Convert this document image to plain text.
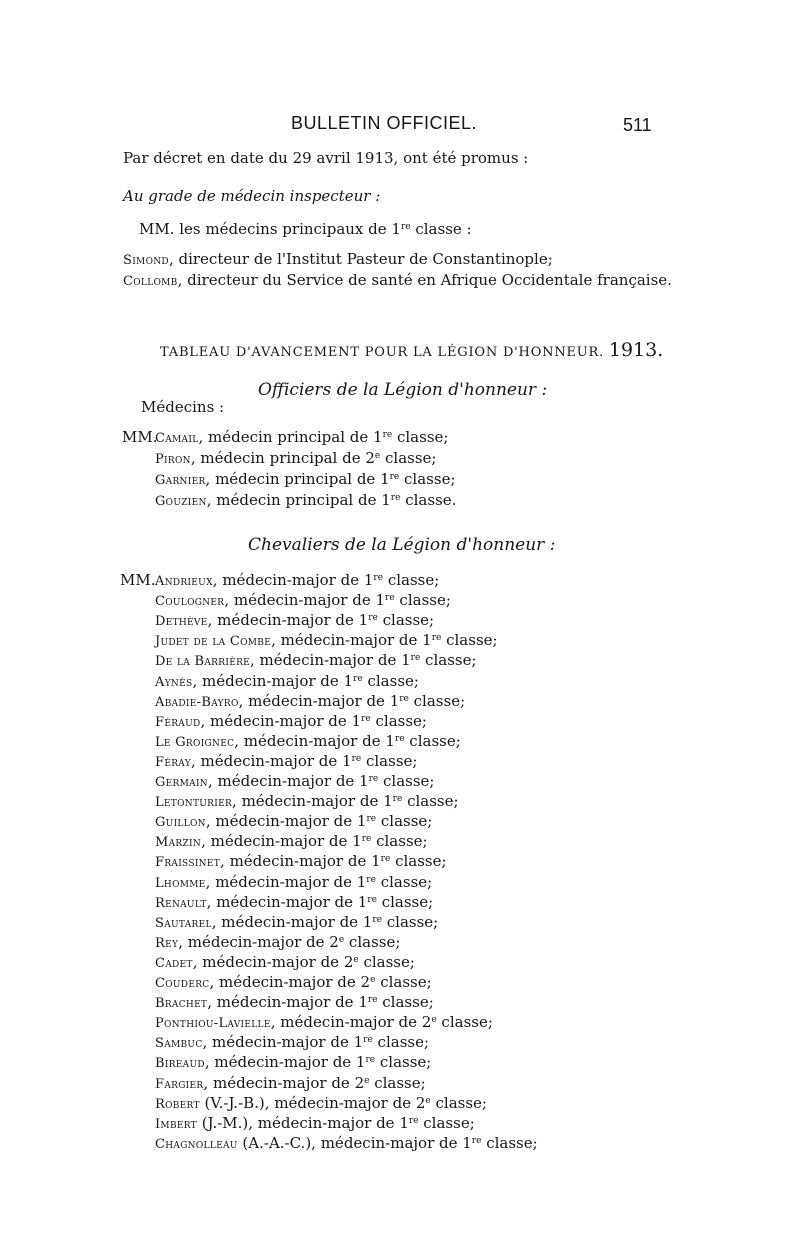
BULLETIN OFFICIEL.	511
Par décret en date du 29 avril 1913, ont été promus :
Au grade de médecin inspecteur :
MM. les médecins principaux de 1re classe :
Simond, directeur de l'Institut Pasteur de Constantinople;
Collomb, directeur du Service de santé en Afrique Occidentale française.
TABLEAU D'AVANCEMENT POUR LA LÉGION D'HONNEUR. 1913.
Officiers de la Légion d'honneur :
Médecins :
MM.
Camail, médecin principal de 1re classe;
Piron, médecin principal de 2e classe;
Garnier, médecin principal de 1re classe;
Gouzien, médecin principal de 1re classe.
Chevaliers de la Légion d'honneur :
MM. Andrieux, médecin-major de 1re classe;
Coulogner, médecin-major de 1re classe;
Dethève, médecin-major de 1re classe;
Judet de la Combe, médecin-major de 1re classe;
De la Barrière, médecin-major de 1re classe;
Aynès, médecin-major de 1re classe;
Abadie-Bayro, médecin-major de 1re classe;
Féraud, médecin-major de 1re classe;
Le Groignec, médecin-major de 1re classe;
Féray, médecin-major de 1re classe;
Germain, médecin-major de 1re classe;
Letonturier, médecin-major de 1re classe;
Guillon, médecin-major de 1re classe;
Marzin, médecin-major de 1re classe;
Fraissinet, médecin-major de 1re classe;
Lhomme, médecin-major de 1re classe;
Renault, médecin-major de 1re classe;
Sautarel, médecin-major de 1re classe;
Rey, médecin-major de 2e classe;
Cadet, médecin-major de 2e classe;
Couderc, médecin-major de 2e classe;
Brachet, médecin-major de 1re classe;
Ponthiou-Lavielle, médecin-major de 2e classe;
Sambuc, médecin-major de 1re classe;
Bireaud, médecin-major de 1re classe;
Fargier, médecin-major de 2e classe;
Robert (V.-J.-B.), médecin-major de 2e classe;
Imbert (J.-M.), médecin-major de 1re classe;
Chagnolleau (A.-A.-C.), médecin-major de 1re classe;
